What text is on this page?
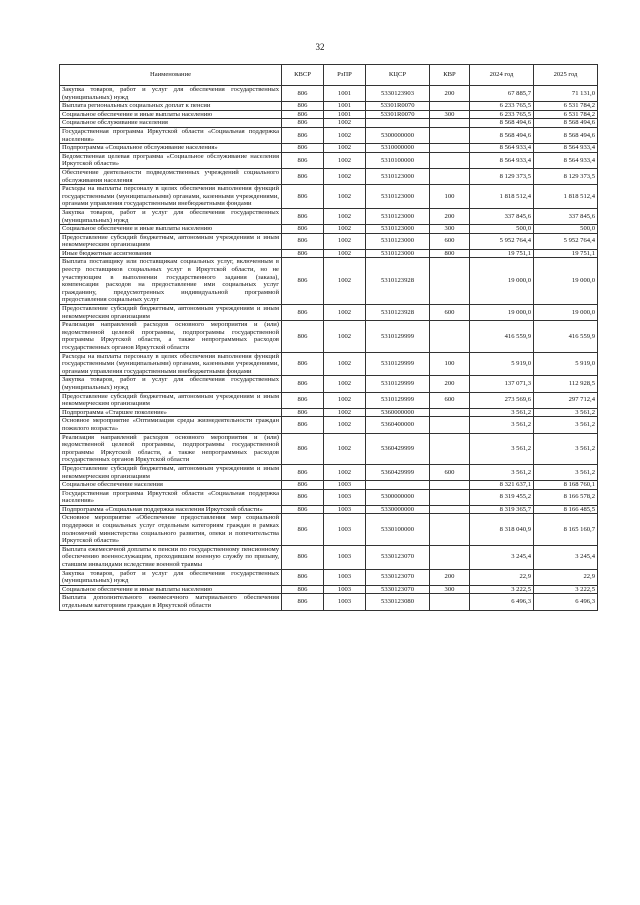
32
Наименование	КВСР	РзПР	КЦСР	КВР	2024 год	2025 год
Закупка товаров, работ и услуг для обеспечения государственных (муниципальных) нужд	806	1001	5330123903	200	67 885,7	71 131,0
Выплата региональных социальных доплат к пенсии	806	1001	53301R0070		6 233 765,5	6 531 784,2
Социальное обеспечение и иные выплаты населению	806	1001	53301R0070	300	6 233 765,5	6 531 784,2
Социальное обслуживание населения	806	1002			8 568 494,6	8 568 494,6
Государственная программа Иркутской области «Социальная поддержка населения»	806	1002	5300000000		8 568 494,6	8 568 494,6
Подпрограмма «Социальное обслуживание населения»	806	1002	5310000000		8 564 933,4	8 564 933,4
Ведомственная целевая программа «Социальное обслуживание населения Иркутской области»	806	1002	5310100000		8 564 933,4	8 564 933,4
Обеспечение деятельности подведомственных учреждений социального обслуживания населения	806	1002	5310123000		8 129 373,5	8 129 373,5
Расходы на выплаты персоналу в целях обеспечения выполнения функций государственными (муниципальными) органами, казенными учреждениями, органами управления государственными внебюджетными фондами	806	1002	5310123000	100	1 818 512,4	1 818 512,4
Закупка товаров, работ и услуг для обеспечения государственных (муниципальных) нужд	806	1002	5310123000	200	337 845,6	337 845,6
Социальное обеспечение и иные выплаты населению	806	1002	5310123000	300	500,0	500,0
Предоставление субсидий бюджетным, автономным учреждениям и иным некоммерческим организациям	806	1002	5310123000	600	5 952 764,4	5 952 764,4
Иные бюджетные ассигнования	806	1002	5310123000	800	19 751,1	19 751,1
Выплата поставщику или поставщикам социальных услуг, включенным в реестр поставщиков социальных услуг в Иркутской области, но не участвующим в выполнении государственного задания (заказа), компенсации расходов на предоставление ими социальных услуг гражданину, предусмотренных индивидуальной программой предоставления социальных услуг	806	1002	5310123928		19 000,0	19 000,0
Предоставление субсидий бюджетным, автономным учреждениям и иным некоммерческим организациям	806	1002	5310123928	600	19 000,0	19 000,0
Реализация направлений расходов основного мероприятия и (или) ведомственной целевой программы, подпрограммы государственной программы Иркутской области, а также непрограммных расходов государственных органов Иркутской области	806	1002	5310129999		416 559,9	416 559,9
Расходы на выплаты персоналу в целях обеспечения выполнения функций государственными (муниципальными) органами, казенными учреждениями, органами управления государственными внебюджетными фондами	806	1002	5310129999	100	5 919,0	5 919,0
Закупка товаров, работ и услуг для обеспечения государственных (муниципальных) нужд	806	1002	5310129999	200	137 071,3	112 928,5
Предоставление субсидий бюджетным, автономным учреждениям и иным некоммерческим организациям	806	1002	5310129999	600	273 569,6	297 712,4
Подпрограмма «Старшее поколение»	806	1002	5360000000		3 561,2	3 561,2
Основное мероприятие «Оптимизация среды жизнедеятельности граждан пожилого возраста»	806	1002	5360400000		3 561,2	3 561,2
Реализация направлений расходов основного мероприятия и (или) ведомственной целевой программы, подпрограммы государственной программы Иркутской области, а также непрограммных расходов государственных органов Иркутской области	806	1002	5360429999		3 561,2	3 561,2
Предоставление субсидий бюджетным, автономным учреждениям и иным некоммерческим организациям	806	1002	5360429999	600	3 561,2	3 561,2
Социальное обеспечение населения	806	1003			8 321 637,1	8 168 760,1
Государственная программа Иркутской области «Социальная поддержка населения»	806	1003	5300000000		8 319 455,2	8 166 578,2
Подпрограмма «Социальная поддержка населения Иркутской области»	806	1003	5330000000		8 319 365,7	8 166 485,5
Основное мероприятие «Обеспечение предоставления мер социальной поддержки и социальных услуг отдельным категориям граждан в рамках полномочий министерства социального развития, опеки и попечительства Иркутской области»	806	1003	5330100000		8 318 040,9	8 165 160,7
Выплата ежемесячной доплаты к пенсии по государственному пенсионному обеспечению военнослужащим, проходившим военную службу по призыву, ставшим инвалидами вследствие военной травмы	806	1003	5330123070		3 245,4	3 245,4
Закупка товаров, работ и услуг для обеспечения государственных (муниципальных) нужд	806	1003	5330123070	200	22,9	22,9
Социальное обеспечение и иные выплаты населению	806	1003	5330123070	300	3 222,5	3 222,5
Выплата дополнительного ежемесячного материального обеспечения отдельным категориям граждан в Иркутской области	806	1003	5330123080		6 496,3	6 496,3
